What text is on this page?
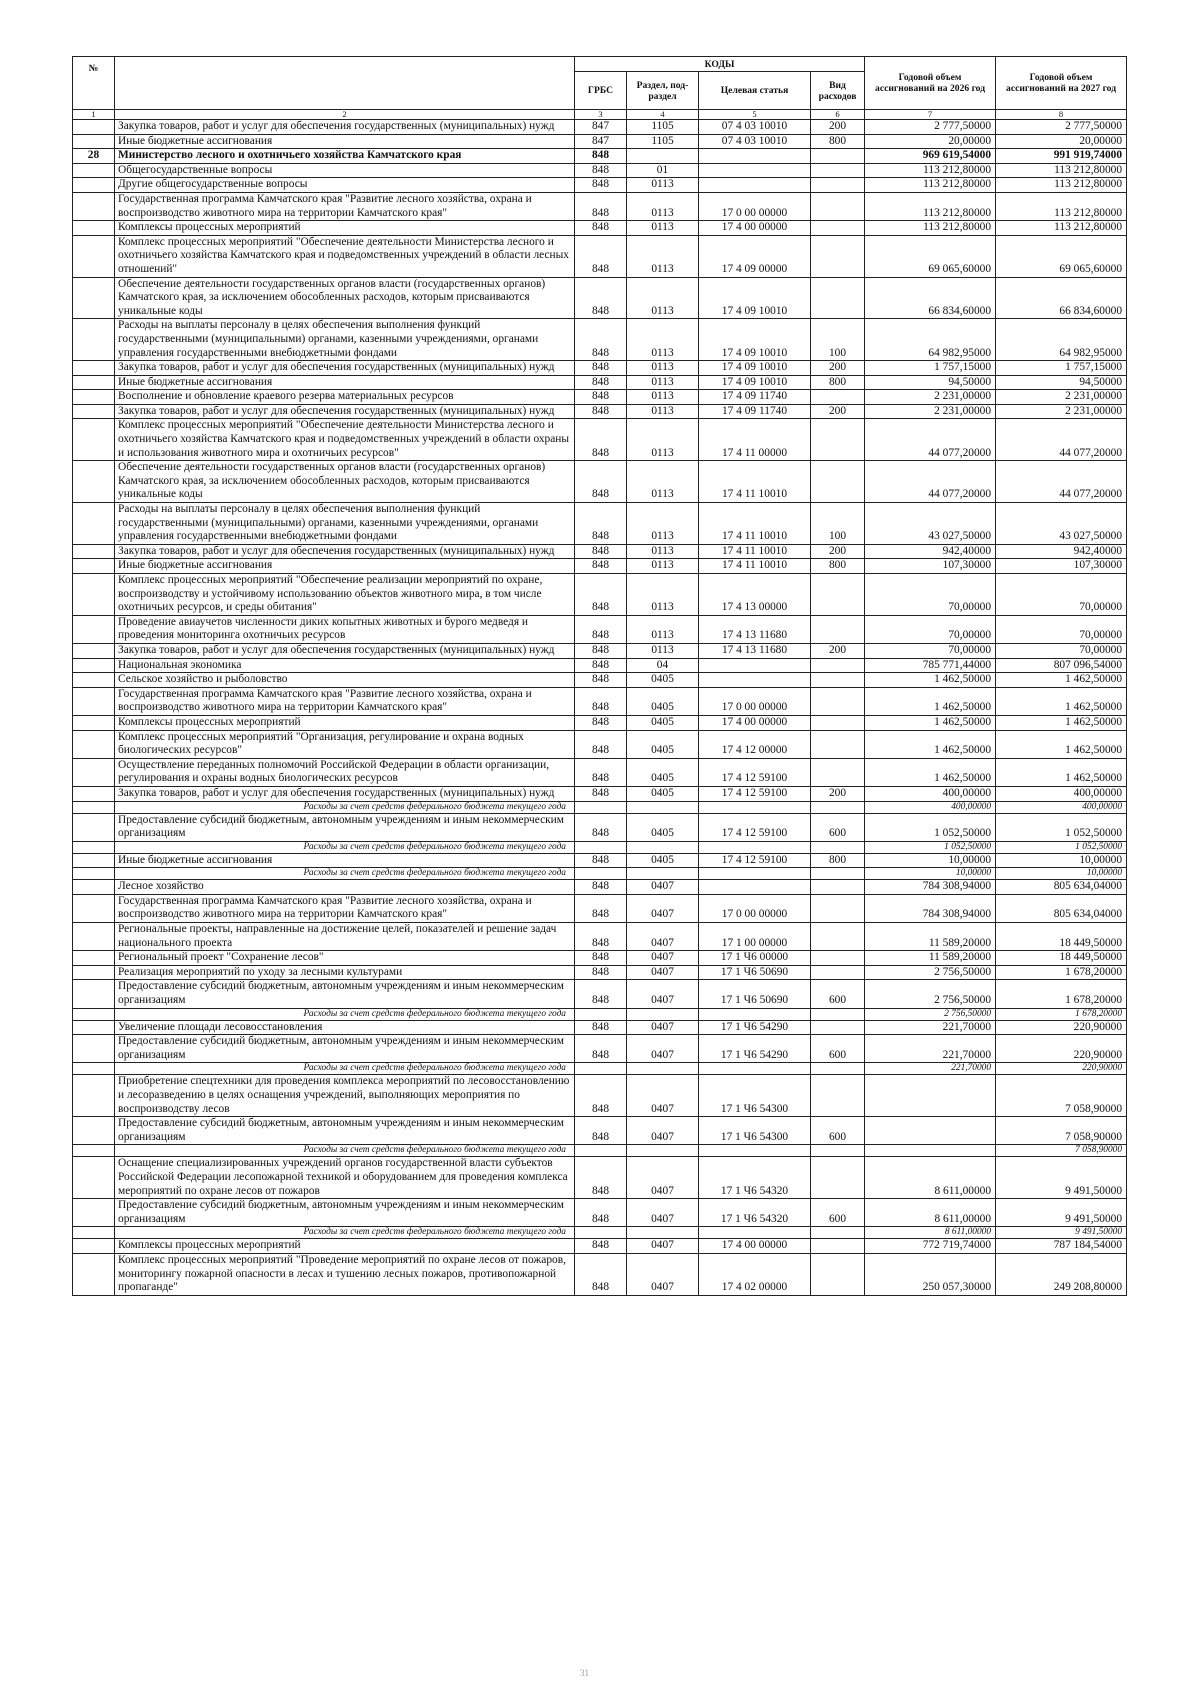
№		КОДЫ				Годовой объем ассигнований на 2026 год	Годовой объем ассигнований на 2027 год
		ГРБС	Раздел, под-раздел	Целевая статья	Вид расходов		
1	2	3	4	5	6	7	8
	Закупка товаров, работ и услуг для обеспечения государственных (муниципальных) нужд	847	1105	07 4 03 10010	200	2 777,50000	2 777,50000
	Иные бюджетные ассигнования	847	1105	07 4 03 10010	800	20,00000	20,00000
28	Министерство лесного и охотничьего хозяйства Камчатского края	848				969 619,54000	991 919,74000
	Общегосударственные вопросы	848	01			113 212,80000	113 212,80000
	Другие общегосударственные вопросы	848	0113			113 212,80000	113 212,80000
	Государственная программа Камчатского края "Развитие лесного хозяйства, охрана и воспроизводство животного мира на территории Камчатского края"	848	0113	17 0 00 00000		113 212,80000	113 212,80000
	Комплексы процессных мероприятий	848	0113	17 4 00 00000		113 212,80000	113 212,80000
	Комплекс процессных мероприятий "Обеспечение деятельности Министерства лесного и охотничьего хозяйства Камчатского края и подведомственных учреждений в области лесных отношений"	848	0113	17 4 09 00000		69 065,60000	69 065,60000
	Обеспечение деятельности государственных органов власти (государственных органов) Камчатского края, за исключением обособленных расходов, которым присваиваются уникальные коды	848	0113	17 4 09 10010		66 834,60000	66 834,60000
	Расходы на выплаты персоналу в целях обеспечения выполнения функций государственными (муниципальными) органами, казенными учреждениями, органами управления государственными внебюджетными фондами	848	0113	17 4 09 10010	100	64 982,95000	64 982,95000
	Закупка товаров, работ и услуг для обеспечения государственных (муниципальных) нужд	848	0113	17 4 09 10010	200	1 757,15000	1 757,15000
	Иные бюджетные ассигнования	848	0113	17 4 09 10010	800	94,50000	94,50000
	Восполнение и обновление краевого резерва материальных ресурсов	848	0113	17 4 09 11740		2 231,00000	2 231,00000
	Закупка товаров, работ и услуг для обеспечения государственных (муниципальных) нужд	848	0113	17 4 09 11740	200	2 231,00000	2 231,00000
	Комплекс процессных мероприятий "Обеспечение деятельности Министерства лесного и охотничьего хозяйства Камчатского края и подведомственных учреждений в области охраны и использования животного мира и охотничьих ресурсов"	848	0113	17 4 11 00000		44 077,20000	44 077,20000
	Обеспечение деятельности государственных органов власти (государственных органов) Камчатского края, за исключением обособленных расходов, которым присваиваются уникальные коды	848	0113	17 4 11 10010		44 077,20000	44 077,20000
	Расходы на выплаты персоналу в целях обеспечения выполнения функций государственными (муниципальными) органами, казенными учреждениями, органами управления государственными внебюджетными фондами	848	0113	17 4 11 10010	100	43 027,50000	43 027,50000
	Закупка товаров, работ и услуг для обеспечения государственных (муниципальных) нужд	848	0113	17 4 11 10010	200	942,40000	942,40000
	Иные бюджетные ассигнования	848	0113	17 4 11 10010	800	107,30000	107,30000
	Комплекс процессных мероприятий "Обеспечение реализации мероприятий по охране, воспроизводству и устойчивому использованию объектов животного мира, в том числе охотничьих ресурсов, и среды обитания"	848	0113	17 4 13 00000		70,00000	70,00000
	Проведение авиаучетов численности диких копытных животных и бурого медведя и проведения мониторинга охотничьих ресурсов	848	0113	17 4 13 11680		70,00000	70,00000
	Закупка товаров, работ и услуг для обеспечения государственных (муниципальных) нужд	848	0113	17 4 13 11680	200	70,00000	70,00000
	Национальная экономика	848	04			785 771,44000	807 096,54000
	Сельское хозяйство и рыболовство	848	0405			1 462,50000	1 462,50000
	Государственная программа Камчатского края "Развитие лесного хозяйства, охрана и воспроизводство животного мира на территории Камчатского края"	848	0405	17 0 00 00000		1 462,50000	1 462,50000
	Комплексы процессных мероприятий	848	0405	17 4 00 00000		1 462,50000	1 462,50000
	Комплекс процессных мероприятий "Организация, регулирование и охрана водных биологических ресурсов"	848	0405	17 4 12 00000		1 462,50000	1 462,50000
	Осуществление переданных полномочий Российской Федерации в области организации, регулирования и охраны водных биологических ресурсов	848	0405	17 4 12 59100		1 462,50000	1 462,50000
	Закупка товаров, работ и услуг для обеспечения государственных (муниципальных) нужд	848	0405	17 4 12 59100	200	400,00000	400,00000
	Расходы за счет средств федерального бюджета текущего года					400,00000	400,00000
	Предоставление субсидий бюджетным, автономным учреждениям и иным некоммерческим организациям	848	0405	17 4 12 59100	600	1 052,50000	1 052,50000
	Расходы за счет средств федерального бюджета текущего года					1 052,50000	1 052,50000
	Иные бюджетные ассигнования	848	0405	17 4 12 59100	800	10,00000	10,00000
	Расходы за счет средств федерального бюджета текущего года					10,00000	10,00000
	Лесное хозяйство	848	0407			784 308,94000	805 634,04000
	Государственная программа Камчатского края "Развитие лесного хозяйства, охрана и воспроизводство животного мира на территории Камчатского края"	848	0407	17 0 00 00000		784 308,94000	805 634,04000
	Региональные проекты, направленные на достижение целей, показателей и решение задач национального проекта	848	0407	17 1 00 00000		11 589,20000	18 449,50000
	Региональный проект "Сохранение лесов"	848	0407	17 1 Ч6 00000		11 589,20000	18 449,50000
	Реализация мероприятий по уходу за лесными культурами	848	0407	17 1 Ч6 50690		2 756,50000	1 678,20000
	Предоставление субсидий бюджетным, автономным учреждениям и иным некоммерческим организациям	848	0407	17 1 Ч6 50690	600	2 756,50000	1 678,20000
	Расходы за счет средств федерального бюджета текущего года					2 756,50000	1 678,20000
	Увеличение площади лесовосстановления	848	0407	17 1 Ч6 54290		221,70000	220,90000
	Предоставление субсидий бюджетным, автономным учреждениям и иным некоммерческим организациям	848	0407	17 1 Ч6 54290	600	221,70000	220,90000
	Расходы за счет средств федерального бюджета текущего года					221,70000	220,90000
	Приобретение спецтехники для проведения комплекса мероприятий по лесовосстановлению и лесоразведению в целях оснащения учреждений, выполняющих мероприятия по воспроизводству лесов	848	0407	17 1 Ч6 54300			7 058,90000
	Предоставление субсидий бюджетным, автономным учреждениям и иным некоммерческим организациям	848	0407	17 1 Ч6 54300	600		7 058,90000
	Расходы за счет средств федерального бюджета текущего года						7 058,90000
	Оснащение специализированных учреждений органов государственной власти субъектов Российской Федерации лесопожарной техникой и оборудованием для проведения комплекса мероприятий по охране лесов от пожаров	848	0407	17 1 Ч6 54320		8 611,00000	9 491,50000
	Предоставление субсидий бюджетным, автономным учреждениям и иным некоммерческим организациям	848	0407	17 1 Ч6 54320	600	8 611,00000	9 491,50000
	Расходы за счет средств федерального бюджета текущего года					8 611,00000	9 491,50000
	Комплексы процессных мероприятий	848	0407	17 4 00 00000		772 719,74000	787 184,54000
	Комплекс процессных мероприятий "Проведение мероприятий по охране лесов от пожаров, мониторингу пожарной опасности в лесах и тушению лесных пожаров, противопожарной пропаганде"	848	0407	17 4 02 00000		250 057,30000	249 208,80000
31
